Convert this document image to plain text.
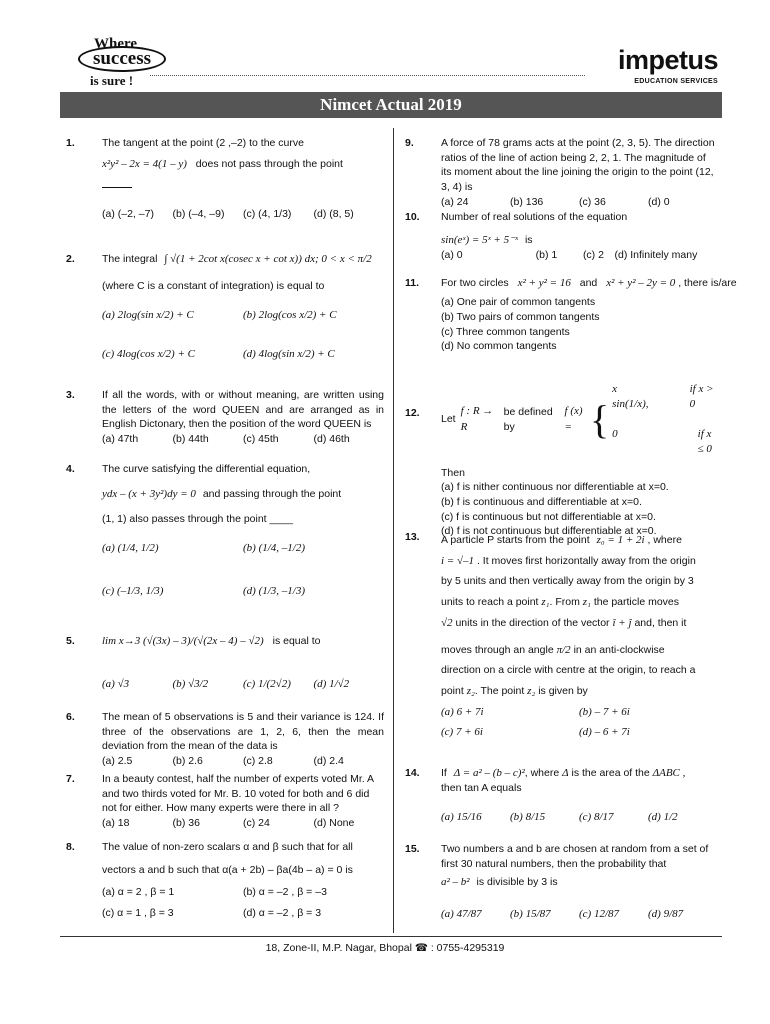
Where
success
is sure !
impetus
EDUCATION SERVICES
Nimcet Actual 2019
1.	The tangent at the point (2 ,–2) to the curve
x²y² – 2x = 4(1 – y) does not pass through the point
(a) (–2, –7)	(b) (–4, –9)	(c) (4, 1/3)	(d) (8, 5)
2.	The integral ∫ √(1 + 2cot x(cosec x + cot x)) dx; 0 < x < π/2
(where C is a constant of integration) is equal to
(a) 2log(sin x/2) + C	(b) 2log(cos x/2) + C
(c) 4log(cos x/2) + C	(d) 4log(sin x/2) + C
3.	If all the words, with or without meaning, are written using the letters of the word QUEEN and are arranged as in English Dictonary, then the position of the word QUEEN is
(a) 47th	(b) 44th	(c) 45th	(d) 46th
4.	The curve satisfying the differential equation,
ydx – (x + 3y²)dy = 0 and passing through the point
(1, 1) also passes through the point ____
(a) (1/4, 1/2)	(b) (1/4, –1/2)
(c) (–1/3, 1/3)	(d) (1/3, –1/3)
5. lim x→3 (√(3x) – 3)/(√(2x – 4) – √2) is equal to
(a) √3	(b) √3/2	(c) 1/(2√2)	(d) 1/√2
6.	The mean of 5 observations is 5 and their variance is 124. If three of the observations are 1, 2, 6, then the mean deviation from the mean of the data is
(a) 2.5	(b) 2.6	(c) 2.8	(d) 2.4
7.	In a beauty contest, half the number of experts voted Mr. A and two thirds voted for Mr. B. 10 voted for both and 6 did not for either. How many experts were there in all ?
(a) 18	(b) 36	(c) 24	(d) None
8.	The value of non-zero scalars α and β such that for all
vectors a and b such that α(a + 2b) – βa(4b – a) = 0 is
(a) α = 2 , β = 1	(b) α = –2 , β = –3
(c) α = 1 , β = 3	(d) α = –2 , β = 3
9.	A force of 78 grams acts at the point (2, 3, 5). The direction ratios of the line of action being 2, 2, 1. The magnitude of its moment about the line joining the origin to the point (12, 3, 4) is
(a) 24	(b) 136	(c) 36	(d) 0
10. Number of real solutions of the equation
sin(eˣ) = 5ˣ + 5⁻ˣ is
(a) 0	(b) 1	(c) 2	(d) Infinitely many
11. For two circles x² + y² = 16 and x² + y² – 2y = 0 , there is/are
(a) One pair of common tangents
(b) Two pairs of common tangents
(c) Three common tangents
(d) No common tangents
12.
Let
f : R → R
be defined by
f (x) = {
x sin(1/x),
if x > 0
0	if x ≤ 0
Then
(a) f is nither continuous nor differentiable at x=0.
(b) f is continuous and differentiable at x=0.
(c) f is continuous but not differentiable at x=0.
(d) f is not continuous but differentiable at x=0.
13. A particle P starts from the point z₀ = 1 + 2i , where
i = √–1 . It moves first horizontally away from the origin
by 5 units and then vertically away from the origin by 3
units to reach a point z₁. From z₁ the particle moves
√2 units in the direction of the vector î + ĵ and, then it
moves through an angle π/2 in an anti-clockwise
direction on a circle with centre at the origin, to reach a
point z₂. The point z₂ is given by
(a) 6 + 7i	(b) – 7 + 6i
(c) 7 + 6i	(d) – 6 + 7i
14. If Δ = a² – (b – c)², where Δ is the area of the ΔABC ,
then tan A equals
(a) 15/16	(b) 8/15	(c) 8/17	(d) 1/2
15. Two numbers a and b are chosen at random from a set of first 30 natural numbers, then the probability that
a² – b² is divisible by 3 is
(a) 47/87	(b) 15/87	(c) 12/87	(d) 9/87
18, Zone-II, M.P. Nagar, Bhopal ☎ : 0755-4295319
